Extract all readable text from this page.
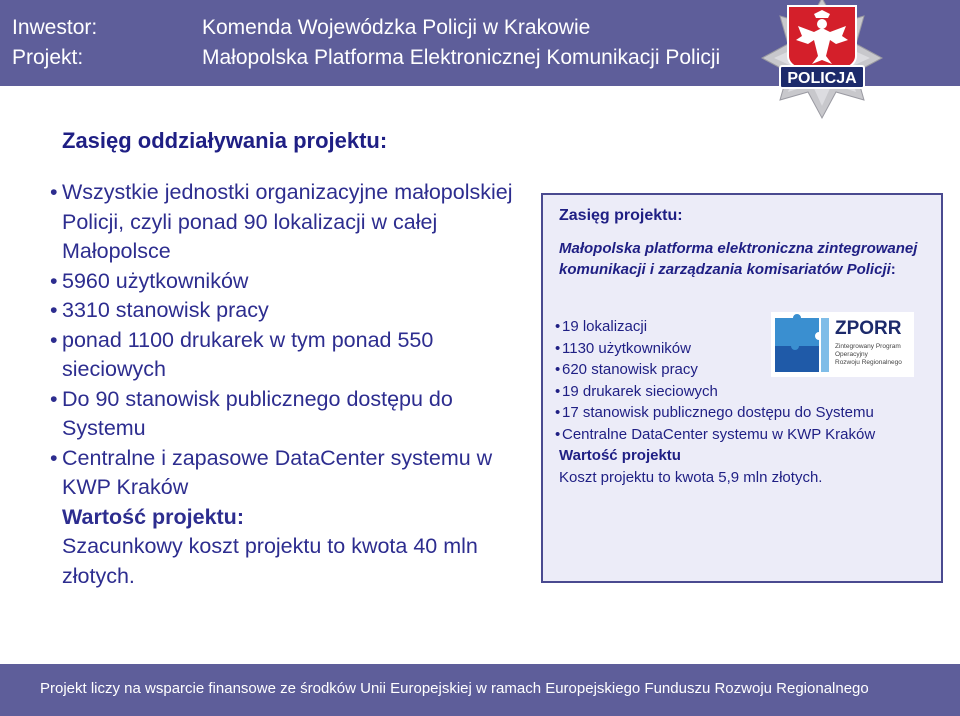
Inwestor:	Komenda Wojewódzka Policji w Krakowie
Projekt:	Małopolska Platforma Elektronicznej Komunikacji Policji
POLICJA
Zasięg oddziaływania projektu:
• Wszystkie jednostki organizacyjne małopolskiej Policji, czyli ponad 90 lokalizacji w całej Małopolsce
• 5960 użytkowników
• 3310 stanowisk pracy
• ponad 1100 drukarek w tym ponad 550 sieciowych
• Do 90 stanowisk publicznego dostępu do Systemu
• Centralne i zapasowe DataCenter systemu w KWP Kraków
Wartość projektu:
Szacunkowy koszt projektu to kwota 40 mln złotych.
Zasięg projektu:
Małopolska platforma elektroniczna zintegrowanej komunikacji i zarządzania komisariatów Policji:
• 19 lokalizacji
• 1130 użytkowników
• 620 stanowisk pracy
• 19 drukarek sieciowych
• 17 stanowisk publicznego dostępu do Systemu
• Centralne DataCenter systemu w KWP Kraków
Wartość projektu
Koszt projektu to kwota 5,9 mln złotych.
ZPORR
Zintegrowany Program
Operacyjny
Rozwoju Regionalnego
Projekt liczy na wsparcie finansowe ze środków Unii Europejskiej w ramach Europejskiego Funduszu Rozwoju Regionalnego
